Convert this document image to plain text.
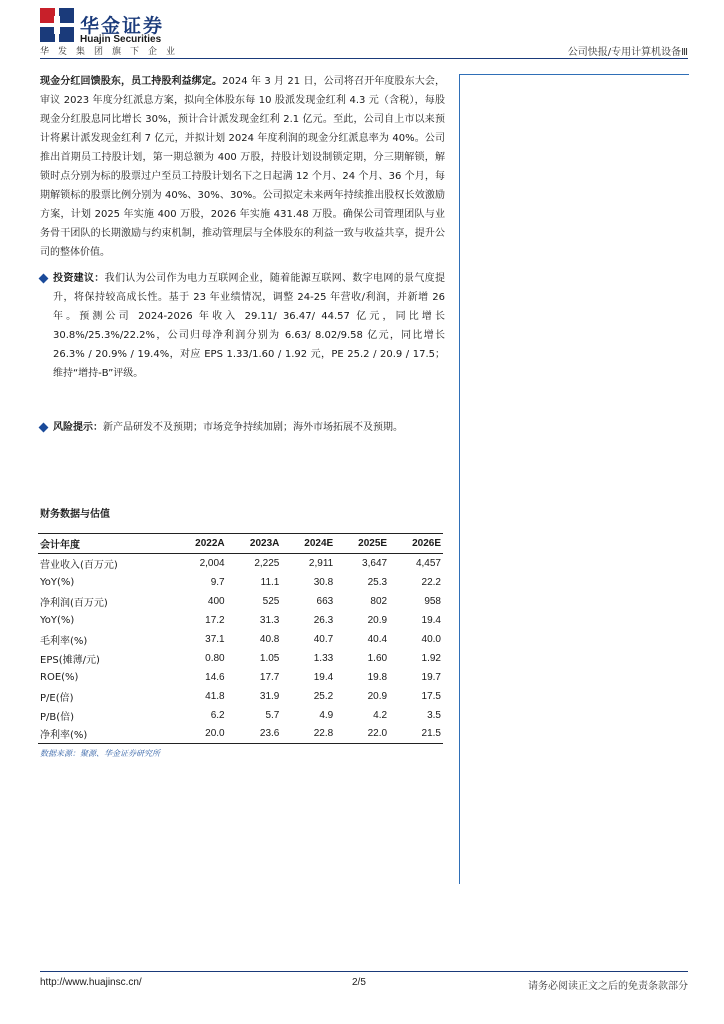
华金证券
Huajin Securities
华发集团旗下企业	公司快报/专用计算机设备Ⅲ

现金分红回馈股东，员工持股利益绑定。2024 年 3 月 21 日，公司将召开年度股东大会，审议 2023 年度分红派息方案，拟向全体股东每 10 股派发现金红利 4.3 元（含税），每股现金分红股息同比增长 30%，预计合计派发现金红利 2.1 亿元。至此，公司自上市以来预计将累计派发现金红利 7 亿元，并拟计划 2024 年度利润的现金分红派息率为 40%。公司推出首期员工持股计划，第一期总额为 400 万股，持股计划设制锁定期，分三期解锁，解锁时点分别为标的股票过户至员工持股计划名下之日起满 12 个月、24 个月、36 个月，每期解锁标的股票比例分别为 40%、30%、30%。公司拟定未来两年持续推出股权长效激励方案，计划 2025 年实施 400 万股，2026 年实施 431.48 万股。确保公司管理团队与业务骨干团队的长期激励与约束机制，推动管理层与全体股东的利益一致与收益共享，提升公司的整体价值。

投资建议：我们认为公司作为电力互联网企业，随着能源互联网、数字电网的景气度提升，将保持较高成长性。基于 23 年业绩情况，调整 24-25 年营收/利润，并新增 26 年。预测公司 2024-2026 年收入 29.11/ 36.47/ 44.57 亿元，同比增长 30.8%/25.3%/22.2%，公司归母净利润分别为 6.63/ 8.02/9.58 亿元，同比增长 26.3% / 20.9% / 19.4%，对应 EPS 1.33/1.60 / 1.92 元，PE 25.2 / 20.9 / 17.5；维持“增持-B”评级。

风险提示：新产品研发不及预期；市场竞争持续加剧；海外市场拓展不及预期。

财务数据与估值
会计年度	2022A	2023A	2024E	2025E	2026E
营业收入(百万元)	2,004	2,225	2,911	3,647	4,457
YoY(%)	9.7	11.1	30.8	25.3	22.2
净利润(百万元)	400	525	663	802	958
YoY(%)	17.2	31.3	26.3	20.9	19.4
毛利率(%)	37.1	40.8	40.7	40.4	40.0
EPS(摊薄/元)	0.80	1.05	1.33	1.60	1.92
ROE(%)	14.6	17.7	19.4	19.8	19.7
P/E(倍)	41.8	31.9	25.2	20.9	17.5
P/B(倍)	6.2	5.7	4.9	4.2	3.5
净利率(%)	20.0	23.6	22.8	22.0	21.5
数据来源：聚源、华金证券研究所
http://www.huajinsc.cn/	2/5	请务必阅读正文之后的免责条款部分
